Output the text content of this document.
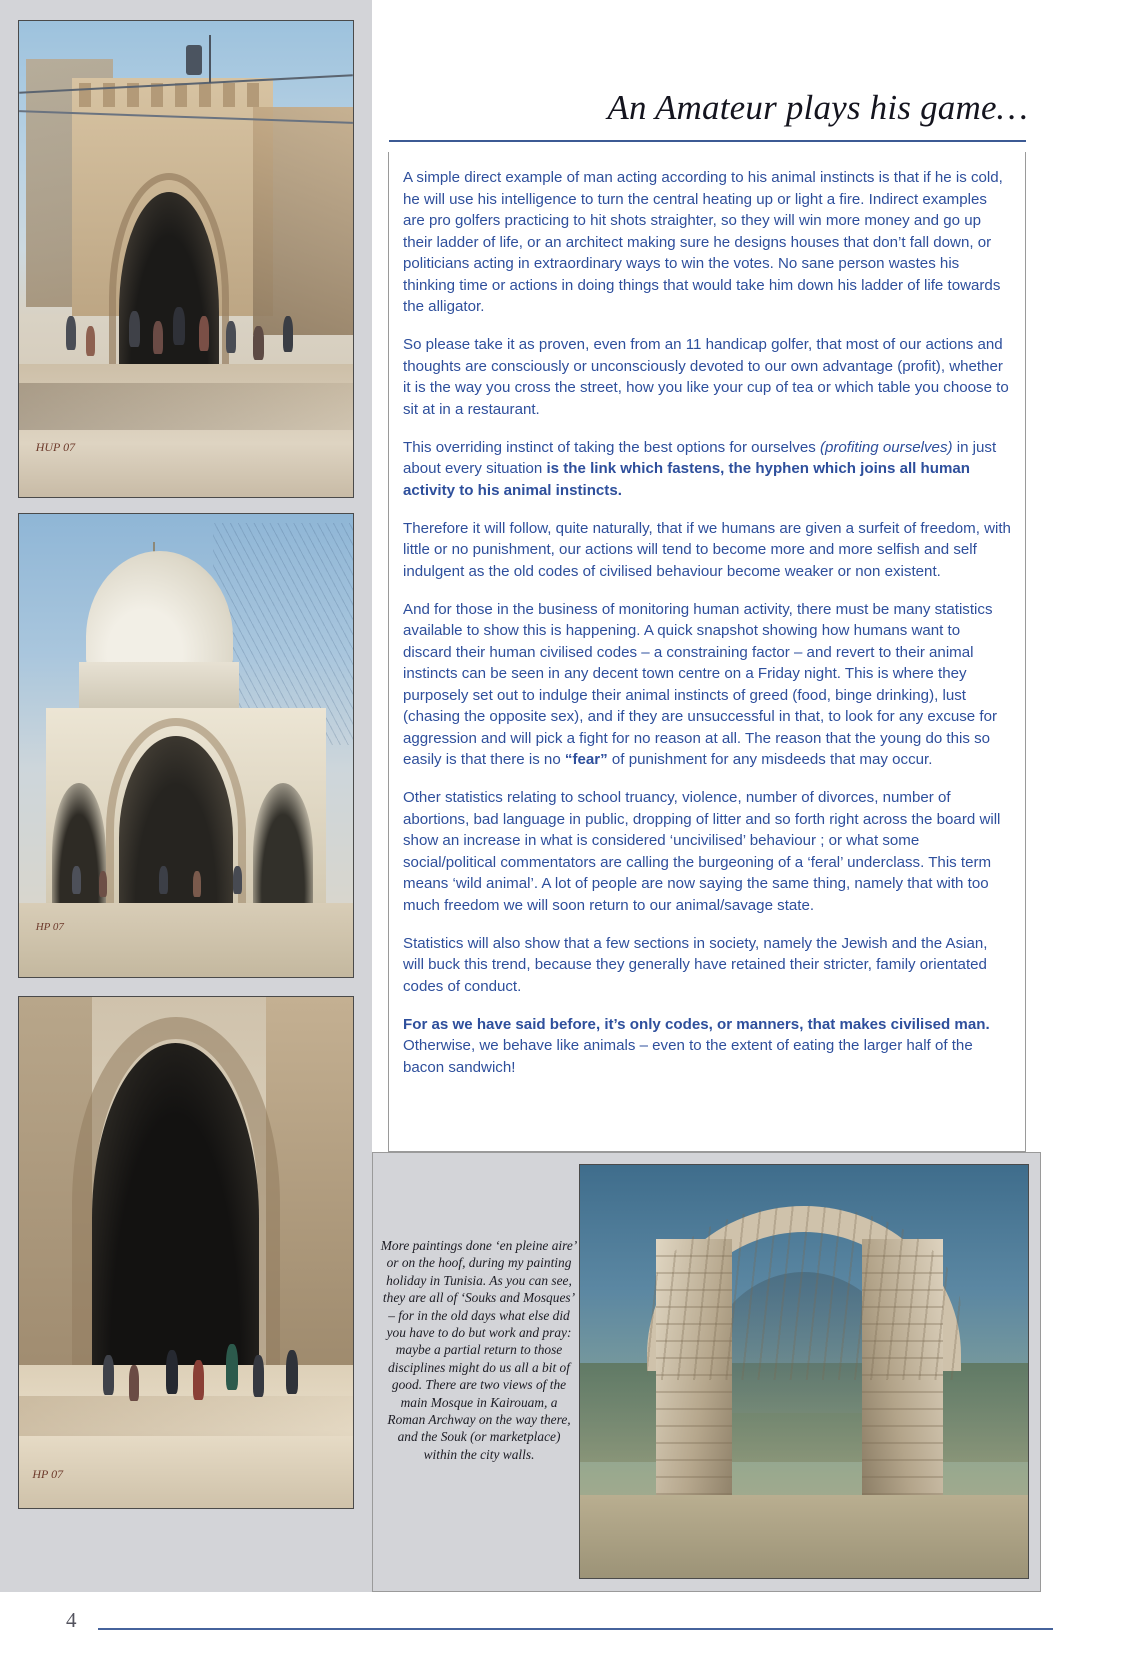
HUP 07
HP 07
HP 07
An Amateur plays his game…

A simple direct example of man acting according to his animal instincts is that if he is cold, he will use his intelligence to turn the central heating up or light a fire. Indirect examples are pro golfers practicing to hit shots straighter, so they will win more money and go up their ladder of life, or an architect making sure he designs houses that don’t fall down, or politicians acting in extraordinary ways to win the votes. No sane person wastes his thinking time or actions in doing things that would take him down his ladder of life towards the alligator.

So please take it as proven, even from an 11 handicap golfer, that most of our actions and thoughts are consciously or unconsciously devoted to our own advantage (profit), whether it is the way you cross the street, how you like your cup of tea or which table you choose to sit at in a restaurant.

This overriding instinct of taking the best options for ourselves (profiting ourselves) in just about every situation is the link which fastens, the hyphen which joins all human activity to his animal instincts.

Therefore it will follow, quite naturally, that if we humans are given a surfeit of freedom, with little or no punishment, our actions will tend to become more and more selfish and self indulgent as the old codes of civilised behaviour become weaker or non existent.

And for those in the business of monitoring human activity, there must be many statistics available to show this is happening. A quick snapshot showing how humans want to discard their human civilised codes – a constraining factor – and revert to their animal instincts can be seen in any decent town centre on a Friday night. This is where they purposely set out to indulge their animal instincts of greed (food, binge drinking), lust (chasing the opposite sex), and if they are unsuccessful in that, to look for any excuse for aggression and will pick a fight for no reason at all. The reason that the young do this so easily is that there is no “fear” of punishment for any misdeeds that may occur.

Other statistics relating to school truancy, violence, number of divorces, number of abortions, bad language in public, dropping of litter and so forth right across the board will show an increase in what is considered ‘uncivilised’ behaviour ; or what some social/political commentators are calling the burgeoning of a ‘feral’ underclass. This term means ‘wild animal’. A lot of people are now saying the same thing, namely that with too much freedom we will soon return to our animal/savage state.

Statistics will also show that a few sections in society, namely the Jewish and the Asian, will buck this trend, because they generally have retained their stricter, family orientated codes of conduct.

For as we have said before, it’s only codes, or manners, that makes civilised man. Otherwise, we behave like animals – even to the extent of eating the larger half of the bacon sandwich!

More paintings done ‘en pleine aire’ or on the hoof, during my painting holiday in Tunisia. As you can see, they are all of ‘Souks and Mosques’ – for in the old days what else did you have to do but work and pray: maybe a partial return to those disciplines might do us all a bit of good. There are two views of the main Mosque in Kairouam, a Roman Archway on the way there, and the Souk (or marketplace) within the city walls.
4
